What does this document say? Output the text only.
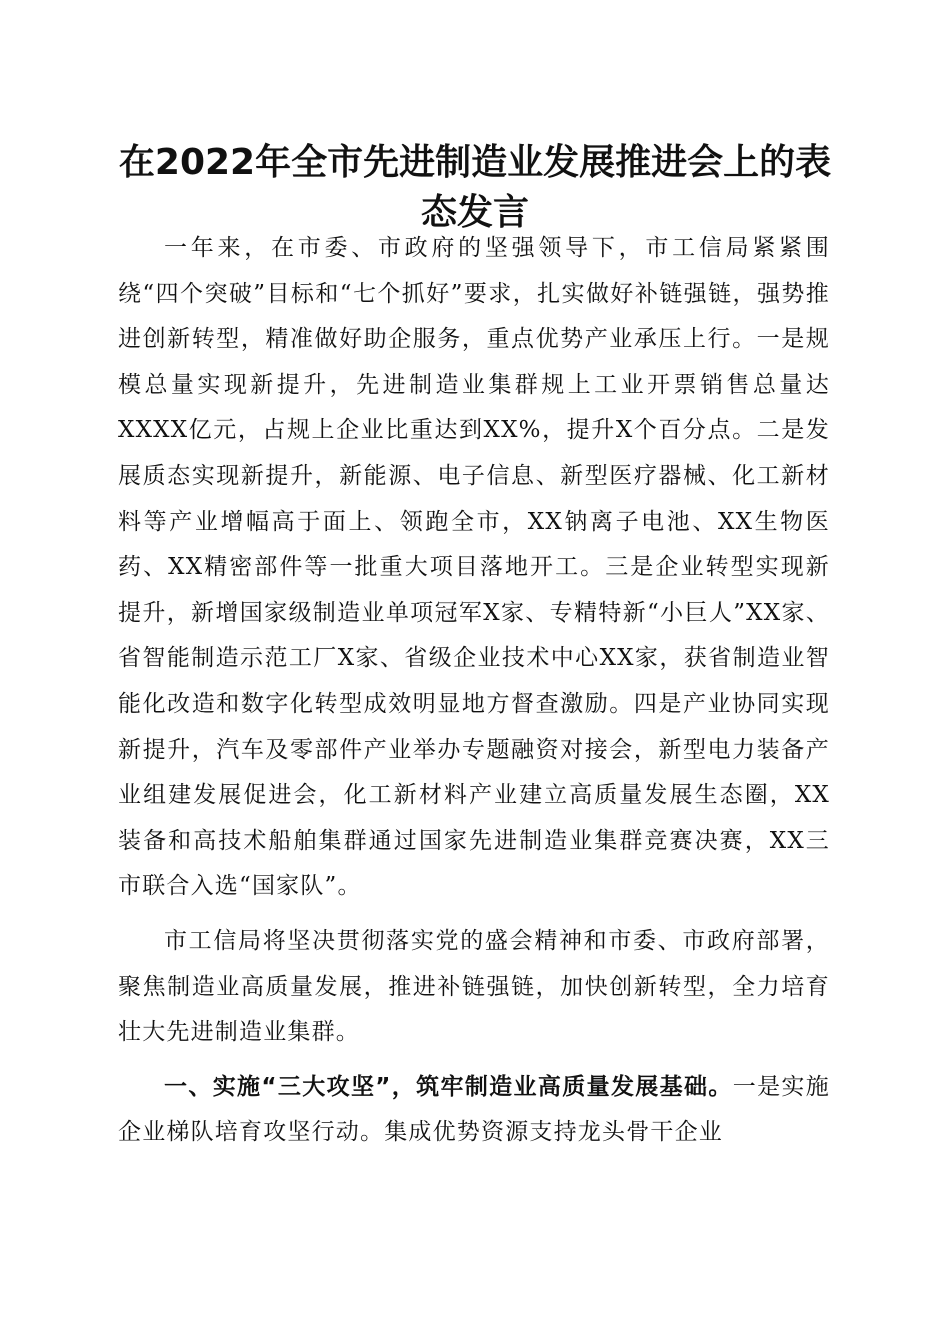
在2022年全市先进制造业发展推进会上的表态发言

一年来，在市委、市政府的坚强领导下，市工信局紧紧围绕“四个突破”目标和“七个抓好”要求，扎实做好补链强链，强势推进创新转型，精准做好助企服务，重点优势产业承压上行。一是规模总量实现新提升，先进制造业集群规上工业开票销售总量达XXXX亿元，占规上企业比重达到XX%，提升X个百分点。二是发展质态实现新提升，新能源、电子信息、新型医疗器械、化工新材料等产业增幅高于面上、领跑全市，XX钠离子电池、XX生物医药、XX精密部件等一批重大项目落地开工。三是企业转型实现新提升，新增国家级制造业单项冠军X家、专精特新“小巨人”XX家、省智能制造示范工厂X家、省级企业技术中心XX家，获省制造业智能化改造和数字化转型成效明显地方督查激励。四是产业协同实现新提升，汽车及零部件产业举办专题融资对接会，新型电力装备产业组建发展促进会，化工新材料产业建立高质量发展生态圈，XX装备和高技术船舶集群通过国家先进制造业集群竞赛决赛，XX三市联合入选“国家队”。

市工信局将坚决贯彻落实党的盛会精神和市委、市政府部署，聚焦制造业高质量发展，推进补链强链，加快创新转型，全力培育壮大先进制造业集群。

一、实施“三大攻坚”，筑牢制造业高质量发展基础。一是实施企业梯队培育攻坚行动。集成优势资源支持龙头骨干企业
